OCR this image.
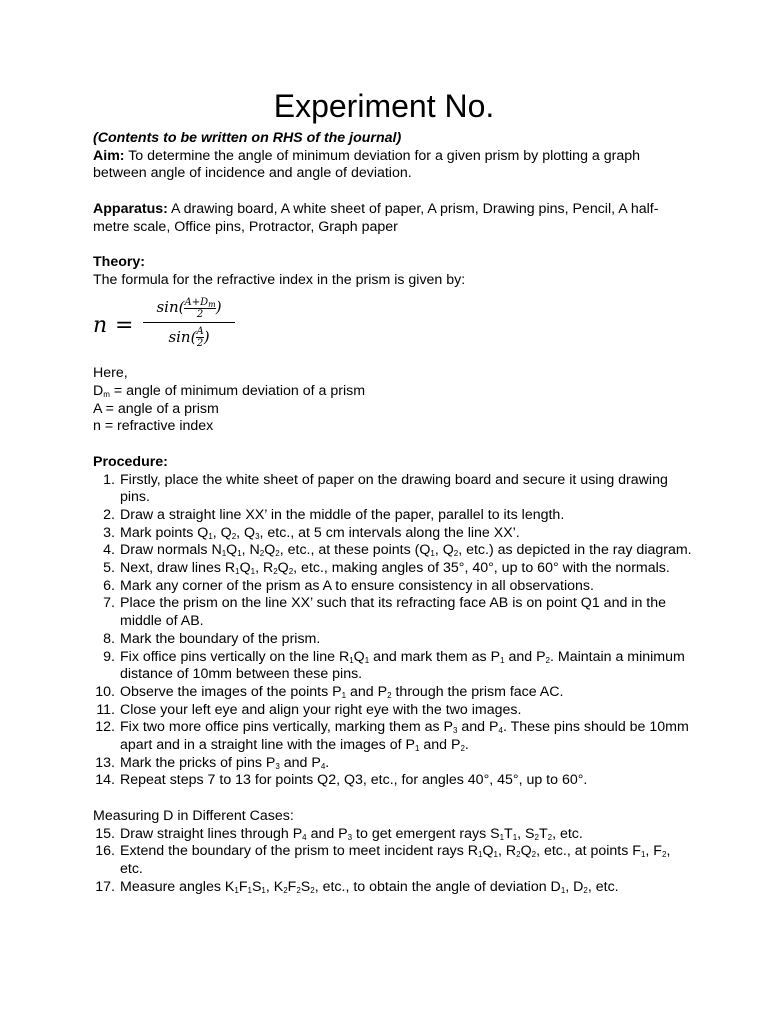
Experiment No.

(Contents to be written on RHS of the journal)

Aim: To determine the angle of minimum deviation for a given prism by plotting a graph between angle of incidence and angle of deviation.

Apparatus: A drawing board, A white sheet of paper, A prism, Drawing pins, Pencil, A half-metre scale, Office pins, Protractor, Graph paper

Theory:

The formula for the refractive index in the prism is given by:

n =
$\sin( \frac{A+D_m}{2}$ )
$\sin( \frac{A}{2}$ )

Here,

$D_m$ = angle of minimum deviation of a prism

A = angle of a prism

n = refractive index

Procedure:

1. Firstly, place the white sheet of paper on the drawing board and secure it using drawing pins.
2. Draw a straight line XX’ in the middle of the paper, parallel to its length.
3. Mark points $Q_1$, $Q_2$, $Q_3$, etc., at 5 cm intervals along the line XX’.
4. Draw normals $N_1Q_1$, $N_2Q_2$, etc., at these points ($Q_1$, $Q_2$, etc.) as depicted in the ray diagram.
5. Next, draw lines $R_1Q_1$, $R_2Q_2$, etc., making angles of 35°, 40°, up to 60° with the normals.
6. Mark any corner of the prism as A to ensure consistency in all observations.
7. Place the prism on the line XX’ such that its refracting face AB is on point Q1 and in the middle of AB.
8. Mark the boundary of the prism.
9. Fix office pins vertically on the line $R_1Q_1$ and mark them as $P_1$ and $P_2$. Maintain a minimum distance of 10mm between these pins.
10. Observe the images of the points $P_1$ and $P_2$ through the prism face AC.
11. Close your left eye and align your right eye with the two images.
12. Fix two more office pins vertically, marking them as $P_3$ and $P_4$. These pins should be 10mm apart and in a straight line with the images of $P_1$ and $P_2$.
13. Mark the pricks of pins $P_3$ and $P_4$.
14. Repeat steps 7 to 13 for points Q2, Q3, etc., for angles 40°, 45°, up to 60°.

Measuring D in Different Cases:

15. Draw straight lines through $P_4$ and $P_3$ to get emergent rays $S_1T_1$, $S_2T_2$, etc.
16. Extend the boundary of the prism to meet incident rays $R_1Q_1$, $R_2Q_2$, etc., at points $F_1$, $F_2$, etc.
17. Measure angles $K_1F_1S_1$, $K_2F_2S_2$, etc., to obtain the angle of deviation $D_1$, $D_2$, etc.
